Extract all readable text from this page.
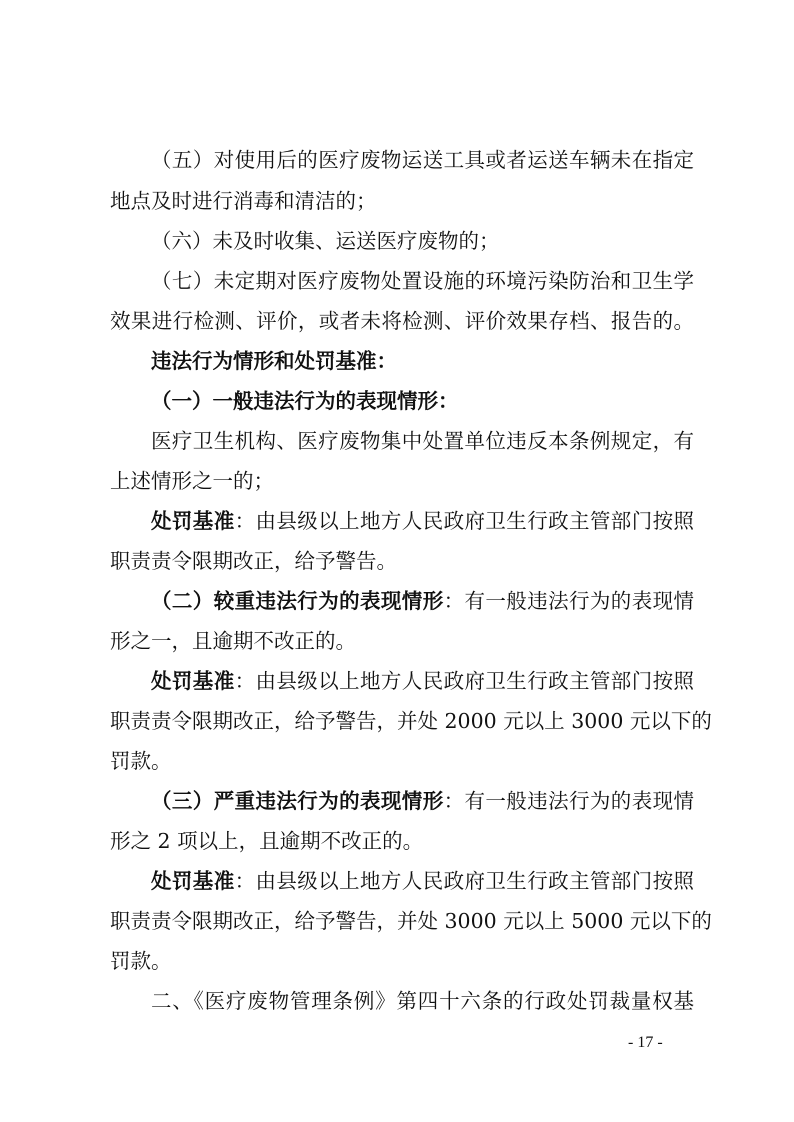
（五）对使用后的医疗废物运送工具或者运送车辆未在指定
地点及时进行消毒和清洁的；
（六）未及时收集、运送医疗废物的；
（七）未定期对医疗废物处置设施的环境污染防治和卫生学
效果进行检测、评价，或者未将检测、评价效果存档、报告的。
违法行为情形和处罚基准：
（一）一般违法行为的表现情形：
医疗卫生机构、医疗废物集中处置单位违反本条例规定，有
上述情形之一的；
处罚基准：由县级以上地方人民政府卫生行政主管部门按照
职责责令限期改正，给予警告。
（二）较重违法行为的表现情形：有一般违法行为的表现情
形之一，且逾期不改正的。
处罚基准：由县级以上地方人民政府卫生行政主管部门按照
职责责令限期改正，给予警告，并处 2000 元以上 3000 元以下的
罚款。
（三）严重违法行为的表现情形：有一般违法行为的表现情
形之 2 项以上，且逾期不改正的。
处罚基准：由县级以上地方人民政府卫生行政主管部门按照
职责责令限期改正，给予警告，并处 3000 元以上 5000 元以下的
罚款。
二、《医疗废物管理条例》第四十六条的行政处罚裁量权基
- 17 -
